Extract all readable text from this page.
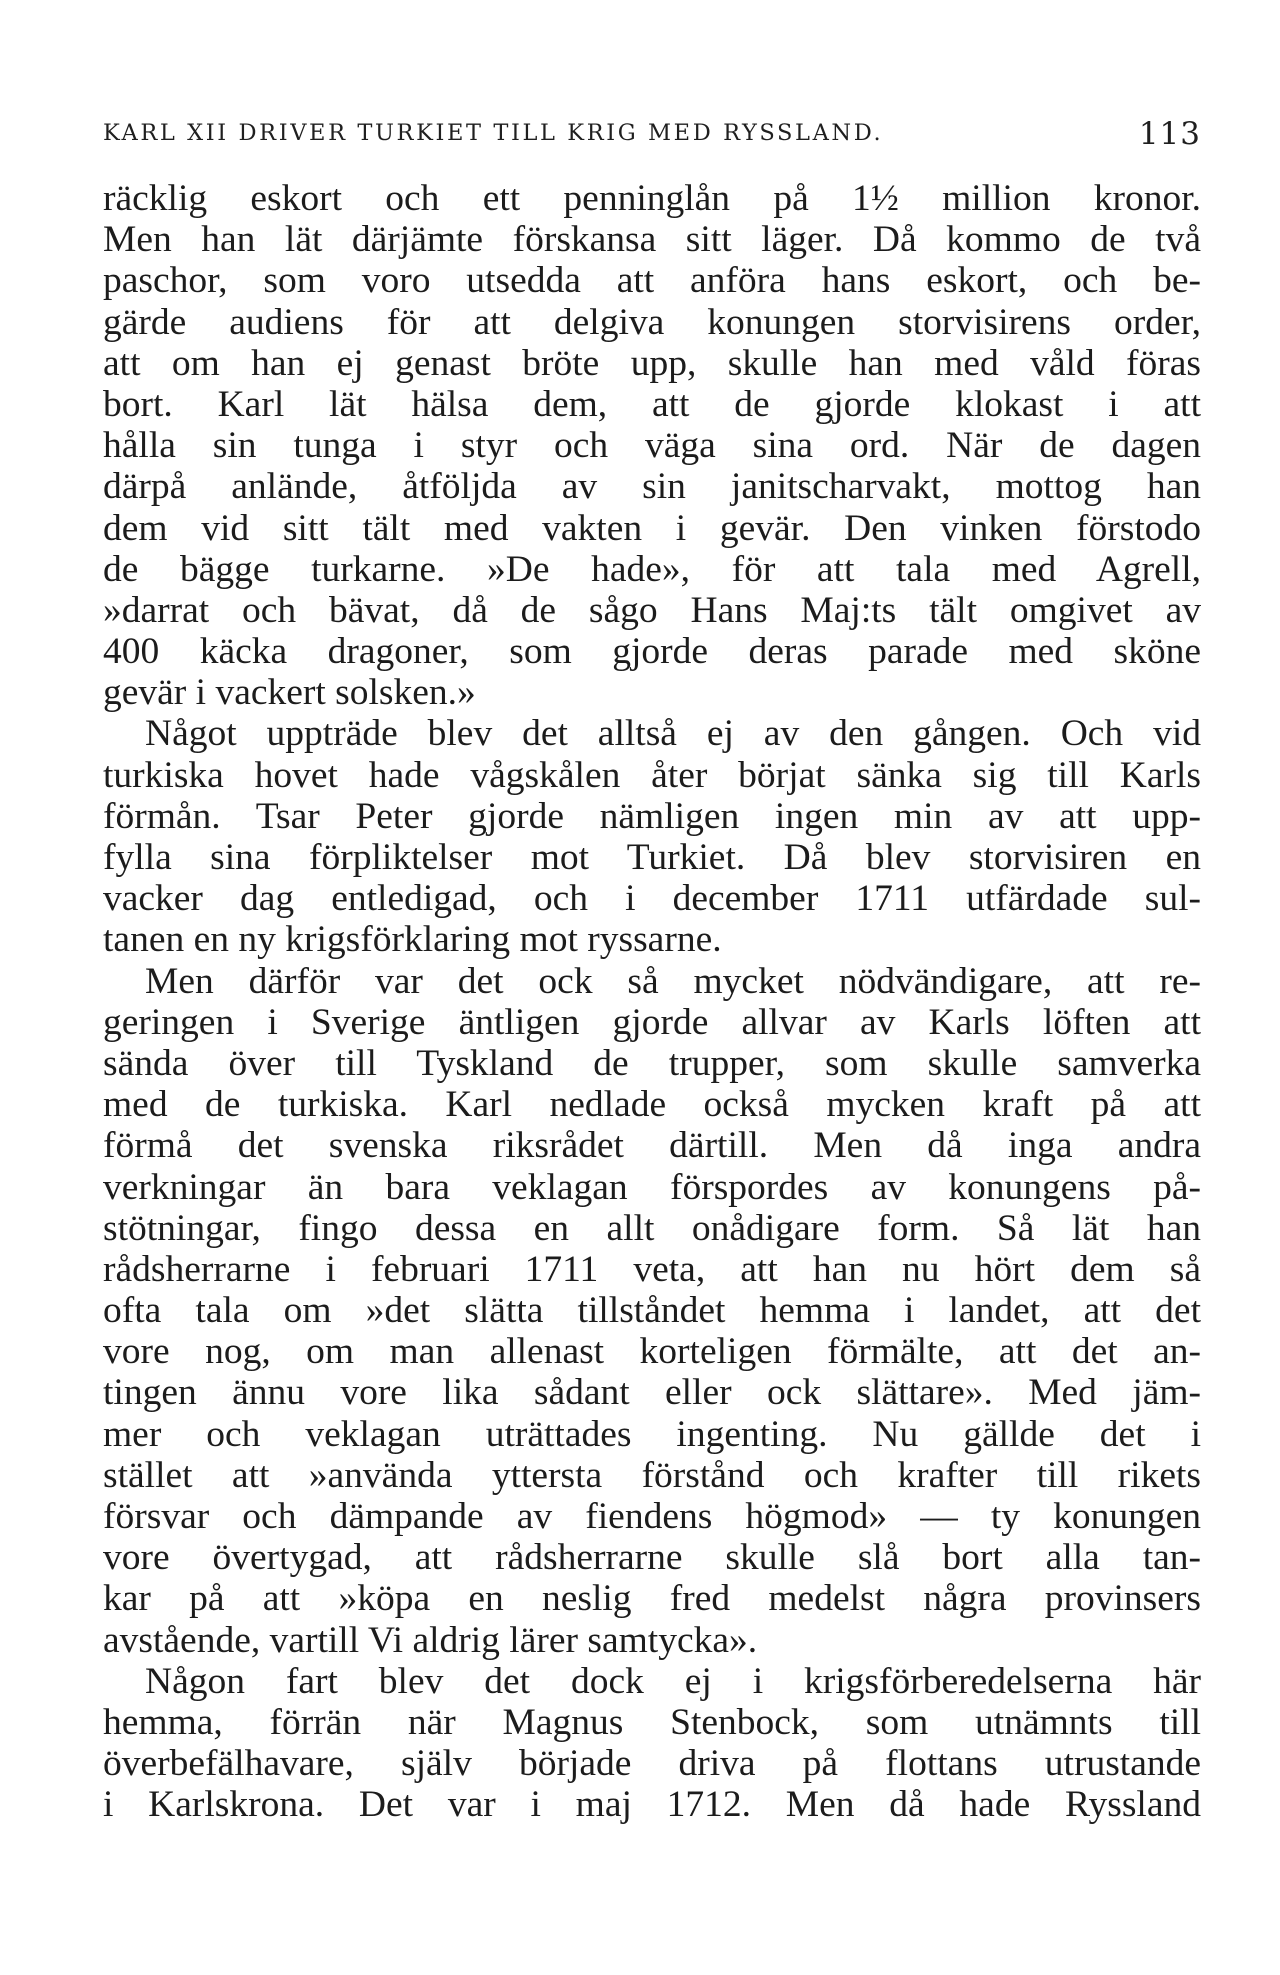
KARL XII DRIVER TURKIET TILL KRIG MED RYSSLAND.	113
räcklig eskort och ett penninglån på 1½ million kronor.
Men han lät därjämte förskansa sitt läger. Då kommo de två
paschor, som voro utsedda att anföra hans eskort, och be-
gärde audiens för att delgiva konungen storvisirens order,
att om han ej genast bröte upp, skulle han med våld föras
bort. Karl lät hälsa dem, att de gjorde klokast i att
hålla sin tunga i styr och väga sina ord. När de dagen
därpå anlände, åtföljda av sin janitscharvakt, mottog han
dem vid sitt tält med vakten i gevär. Den vinken förstodo
de bägge turkarne. »De hade», för att tala med Agrell,
»darrat och bävat, då de sågo Hans Maj:ts tält omgivet av
400 käcka dragoner, som gjorde deras parade med sköne
gevär i vackert solsken.»
Något uppträde blev det alltså ej av den gången. Och vid
turkiska hovet hade vågskålen åter börjat sänka sig till Karls
förmån. Tsar Peter gjorde nämligen ingen min av att upp-
fylla sina förpliktelser mot Turkiet. Då blev storvisiren en
vacker dag entledigad, och i december 1711 utfärdade sul-
tanen en ny krigsförklaring mot ryssarne.
Men därför var det ock så mycket nödvändigare, att re-
geringen i Sverige äntligen gjorde allvar av Karls löften att
sända över till Tyskland de trupper, som skulle samverka
med de turkiska. Karl nedlade också mycken kraft på att
förmå det svenska riksrådet därtill. Men då inga andra
verkningar än bara veklagan förspordes av konungens på-
stötningar, fingo dessa en allt onådigare form. Så lät han
rådsherrarne i februari 1711 veta, att han nu hört dem så
ofta tala om »det slätta tillståndet hemma i landet, att det
vore nog, om man allenast korteligen förmälte, att det an-
tingen ännu vore lika sådant eller ock slättare». Med jäm-
mer och veklagan uträttades ingenting. Nu gällde det i
stället att »använda yttersta förstånd och krafter till rikets
försvar och dämpande av fiendens högmod» — ty konungen
vore övertygad, att rådsherrarne skulle slå bort alla tan-
kar på att »köpa en neslig fred medelst några provinsers
avstående, vartill Vi aldrig lärer samtycka».
Någon fart blev det dock ej i krigsförberedelserna här
hemma, förrän när Magnus Stenbock, som utnämnts till
överbefälhavare, själv började driva på flottans utrustande
i Karlskrona. Det var i maj 1712. Men då hade Ryssland
